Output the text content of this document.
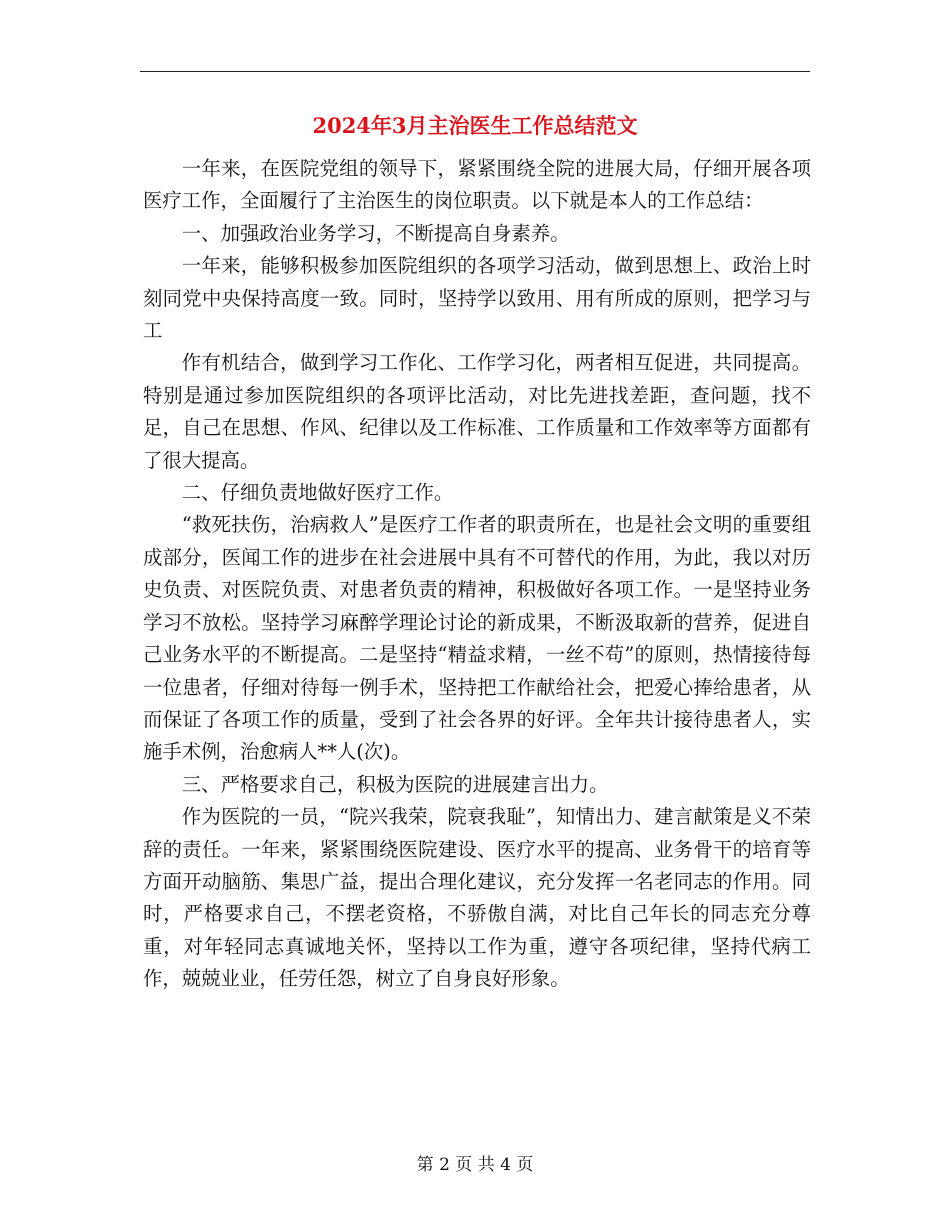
2024年3月主治医生工作总结范文

一年来，在医院党组的领导下，紧紧围绕全院的进展大局，仔细开展各项医疗工作，全面履行了主治医生的岗位职责。以下就是本人的工作总结：

一、加强政治业务学习，不断提高自身素养。

一年来，能够积极参加医院组织的各项学习活动，做到思想上、政治上时刻同党中央保持高度一致。同时，坚持学以致用、用有所成的原则，把学习与工

作有机结合，做到学习工作化、工作学习化，两者相互促进，共同提高。特别是通过参加医院组织的各项评比活动，对比先进找差距，查问题，找不足，自己在思想、作风、纪律以及工作标准、工作质量和工作效率等方面都有了很大提高。

二、仔细负责地做好医疗工作。

“救死扶伤，治病救人”是医疗工作者的职责所在，也是社会文明的重要组成部分，医闻工作的进步在社会进展中具有不可替代的作用，为此，我以对历史负责、对医院负责、对患者负责的精神，积极做好各项工作。一是坚持业务学习不放松。坚持学习麻醉学理论讨论的新成果，不断汲取新的营养，促进自己业务水平的不断提高。二是坚持“精益求精，一丝不苟”的原则，热情接待每一位患者，仔细对待每一例手术，坚持把工作献给社会，把爱心捧给患者，从而保证了各项工作的质量，受到了社会各界的好评。全年共计接待患者人，实施手术例，治愈病人**人(次)。

三、严格要求自己，积极为医院的进展建言出力。

作为医院的一员，“院兴我荣，院衰我耻”，知情出力、建言献策是义不荣辞的责任。一年来，紧紧围绕医院建设、医疗水平的提高、业务骨干的培育等方面开动脑筋、集思广益，提出合理化建议，充分发挥一名老同志的作用。同时，严格要求自己，不摆老资格，不骄傲自满，对比自己年长的同志充分尊重，对年轻同志真诚地关怀，坚持以工作为重，遵守各项纪律，坚持代病工作，兢兢业业，任劳任怨，树立了自身良好形象。

第 2 页 共 4 页
